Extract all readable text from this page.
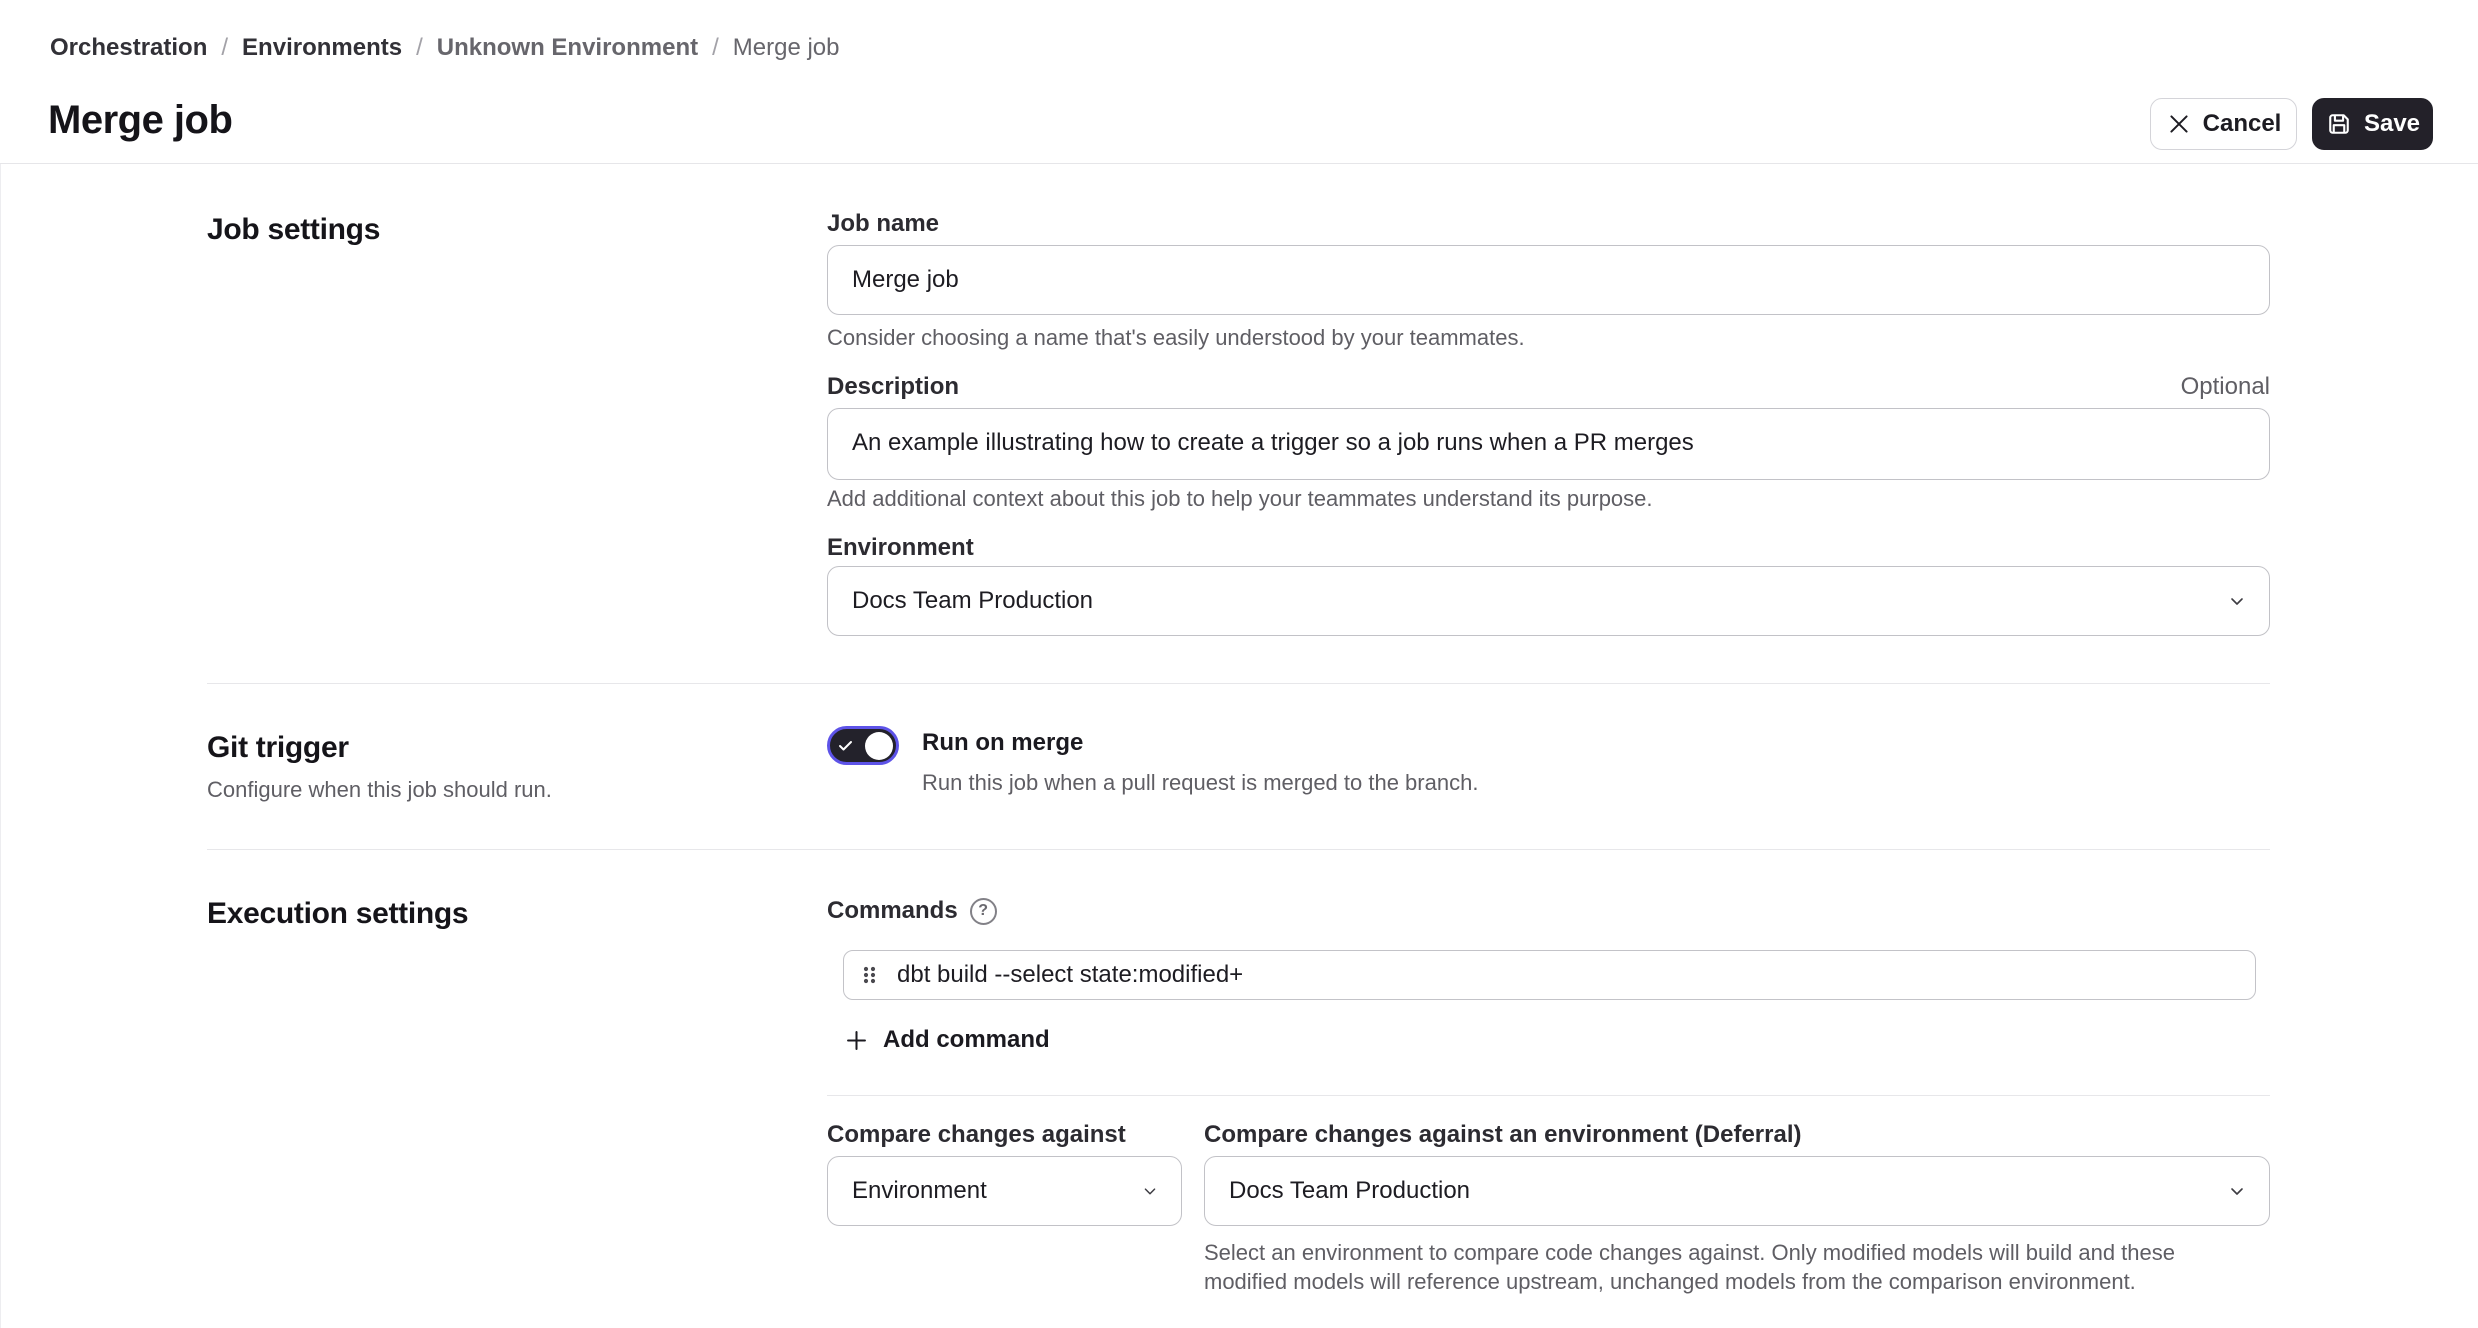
Orchestration / Environments / Unknown Environment / Merge job
Merge job	Cancel	Save
Job settings	Job name
Merge job

Consider choosing a name that's easily understood by your teammates.

Description	Optional
An example illustrating how to create a trigger so a job runs when a PR merges

Add additional context about this job to help your teammates understand its purpose.

Environment
Docs Team Production
Git trigger

Configure when this job should run.

Run on merge

Run this job when a pull request is merged to the branch.

Execution settings	Commands	?
dbt build --select state:modified+
Add command
Compare changes against
Environment
Compare changes against an environment (Deferral)
Docs Team Production

Select an environment to compare code changes against. Only modified models will build and these modified models will reference upstream, unchanged models from the comparison environment.
